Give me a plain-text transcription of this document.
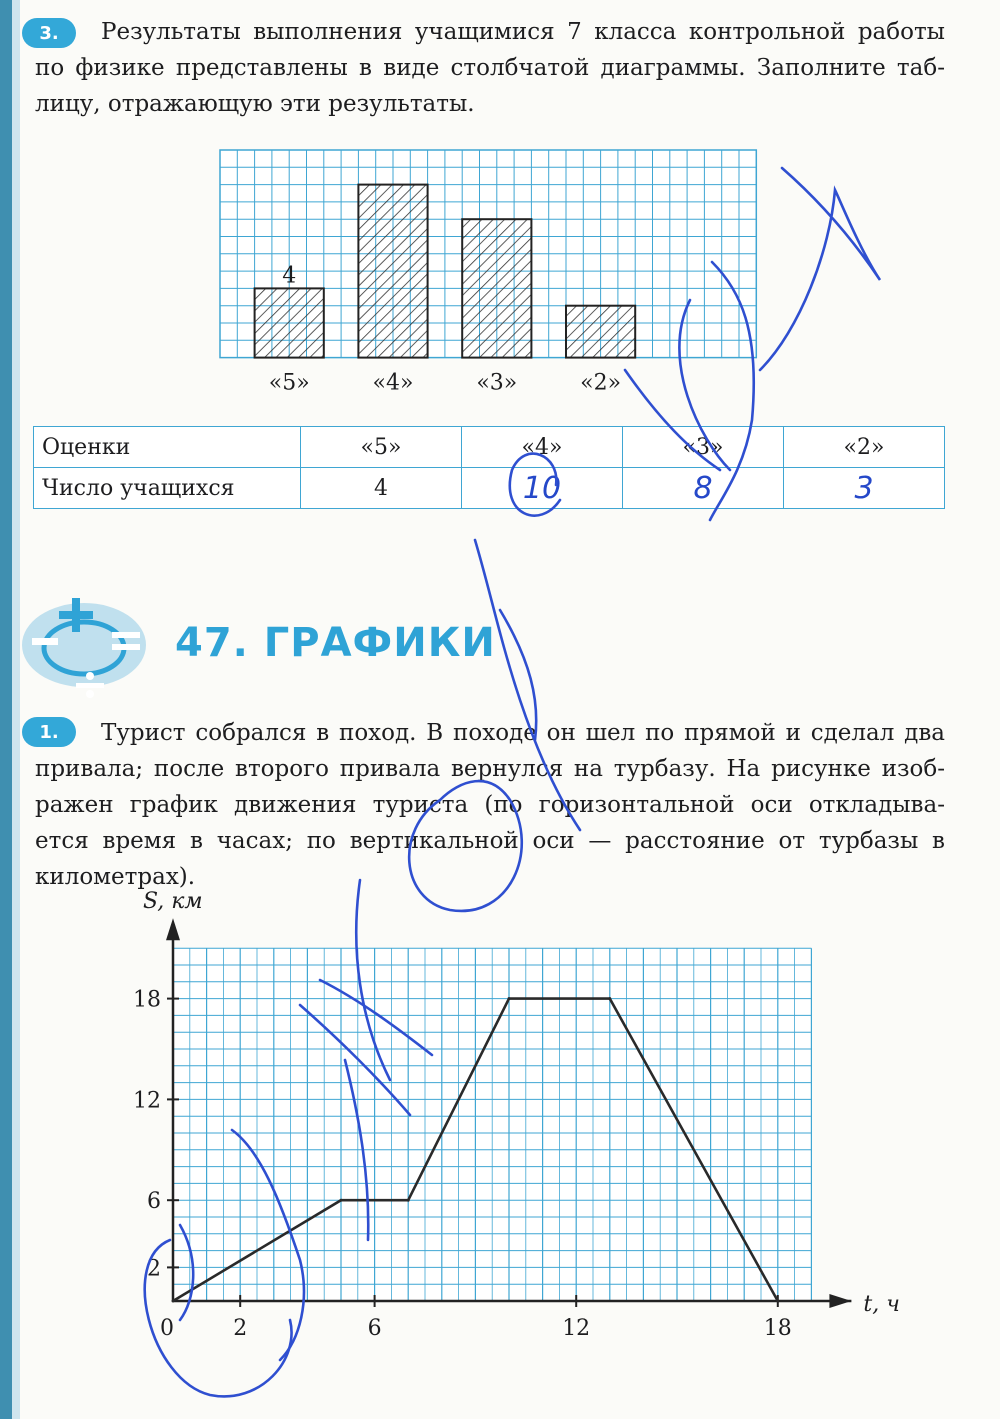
3.	Результаты выполнения учащимися 7 класса контрольной работы
по физике представлены в виде столбчатой диаграммы. Заполните таб-
лицу, отражающую эти результаты.
«5»	«4»	«3»	«2»
4
Оценки	«5»	«4»	«3»	«2»
Число учащихся	4	10	8	3
47. ГРАФИКИ
1.	Турист собрался в поход. В походе он шел по прямой и сделал два
привала; после второго привала вернулся на турбазу. На рисунке изоб-
ражен график движения туриста (по горизонтальной оси откладыва-
ется время в часах; по вертикальной оси — расстояние от турбазы в
километрах).
t, ч
S, км
0	2	6	12	18
2
6
12
18
